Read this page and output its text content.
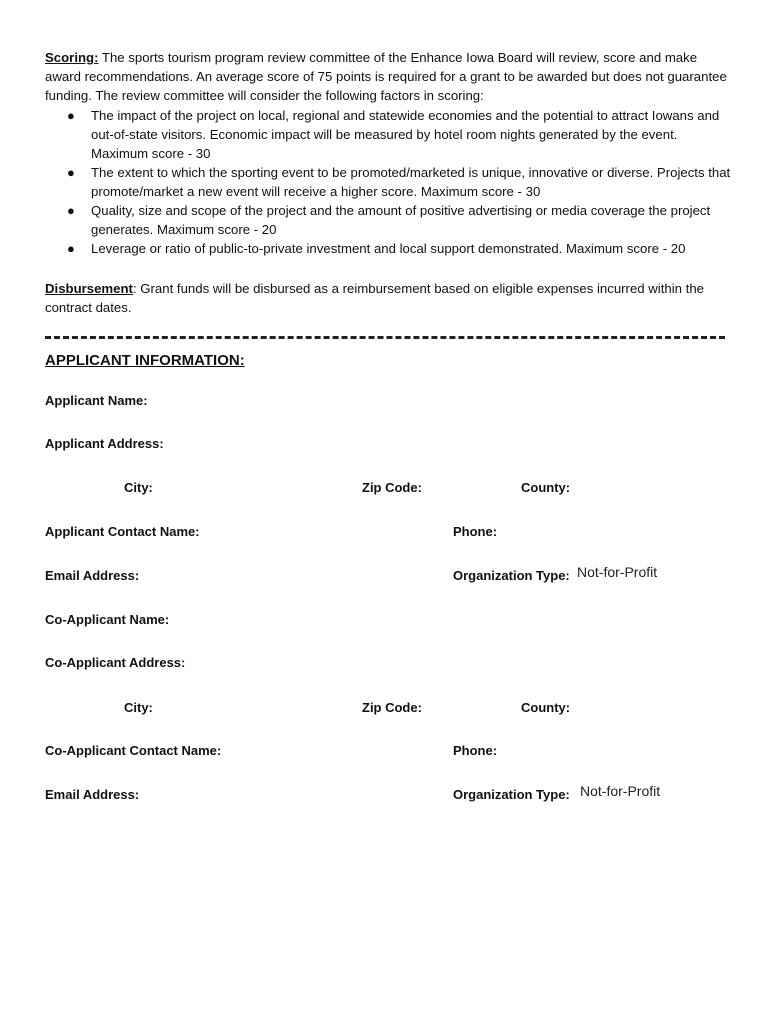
Scoring: The sports tourism program review committee of the Enhance Iowa Board will review, score and make award recommendations. An average score of 75 points is required for a grant to be awarded but does not guarantee funding. The review committee will consider the following factors in scoring:
● The impact of the project on local, regional and statewide economies and the potential to attract Iowans and out-of-state visitors. Economic impact will be measured by hotel room nights generated by the event. Maximum score - 30
● The extent to which the sporting event to be promoted/marketed is unique, innovative or diverse. Projects that promote/market a new event will receive a higher score. Maximum score - 30
● Quality, size and scope of the project and the amount of positive advertising or media coverage the project generates. Maximum score - 20
● Leverage or ratio of public-to-private investment and local support demonstrated. Maximum score - 20
Disbursement: Grant funds will be disbursed as a reimbursement based on eligible expenses incurred within the contract dates.
APPLICANT INFORMATION:
Applicant Name:
Applicant Address:
City:	Zip Code:	County:
Applicant Contact Name:	Phone:
Email Address:	Organization Type: Not-for-Profit
Co-Applicant Name:
Co-Applicant Address:
City:	Zip Code:	County:
Co-Applicant Contact Name:	Phone:
Email Address:	Organization Type: Not-for-Profit
